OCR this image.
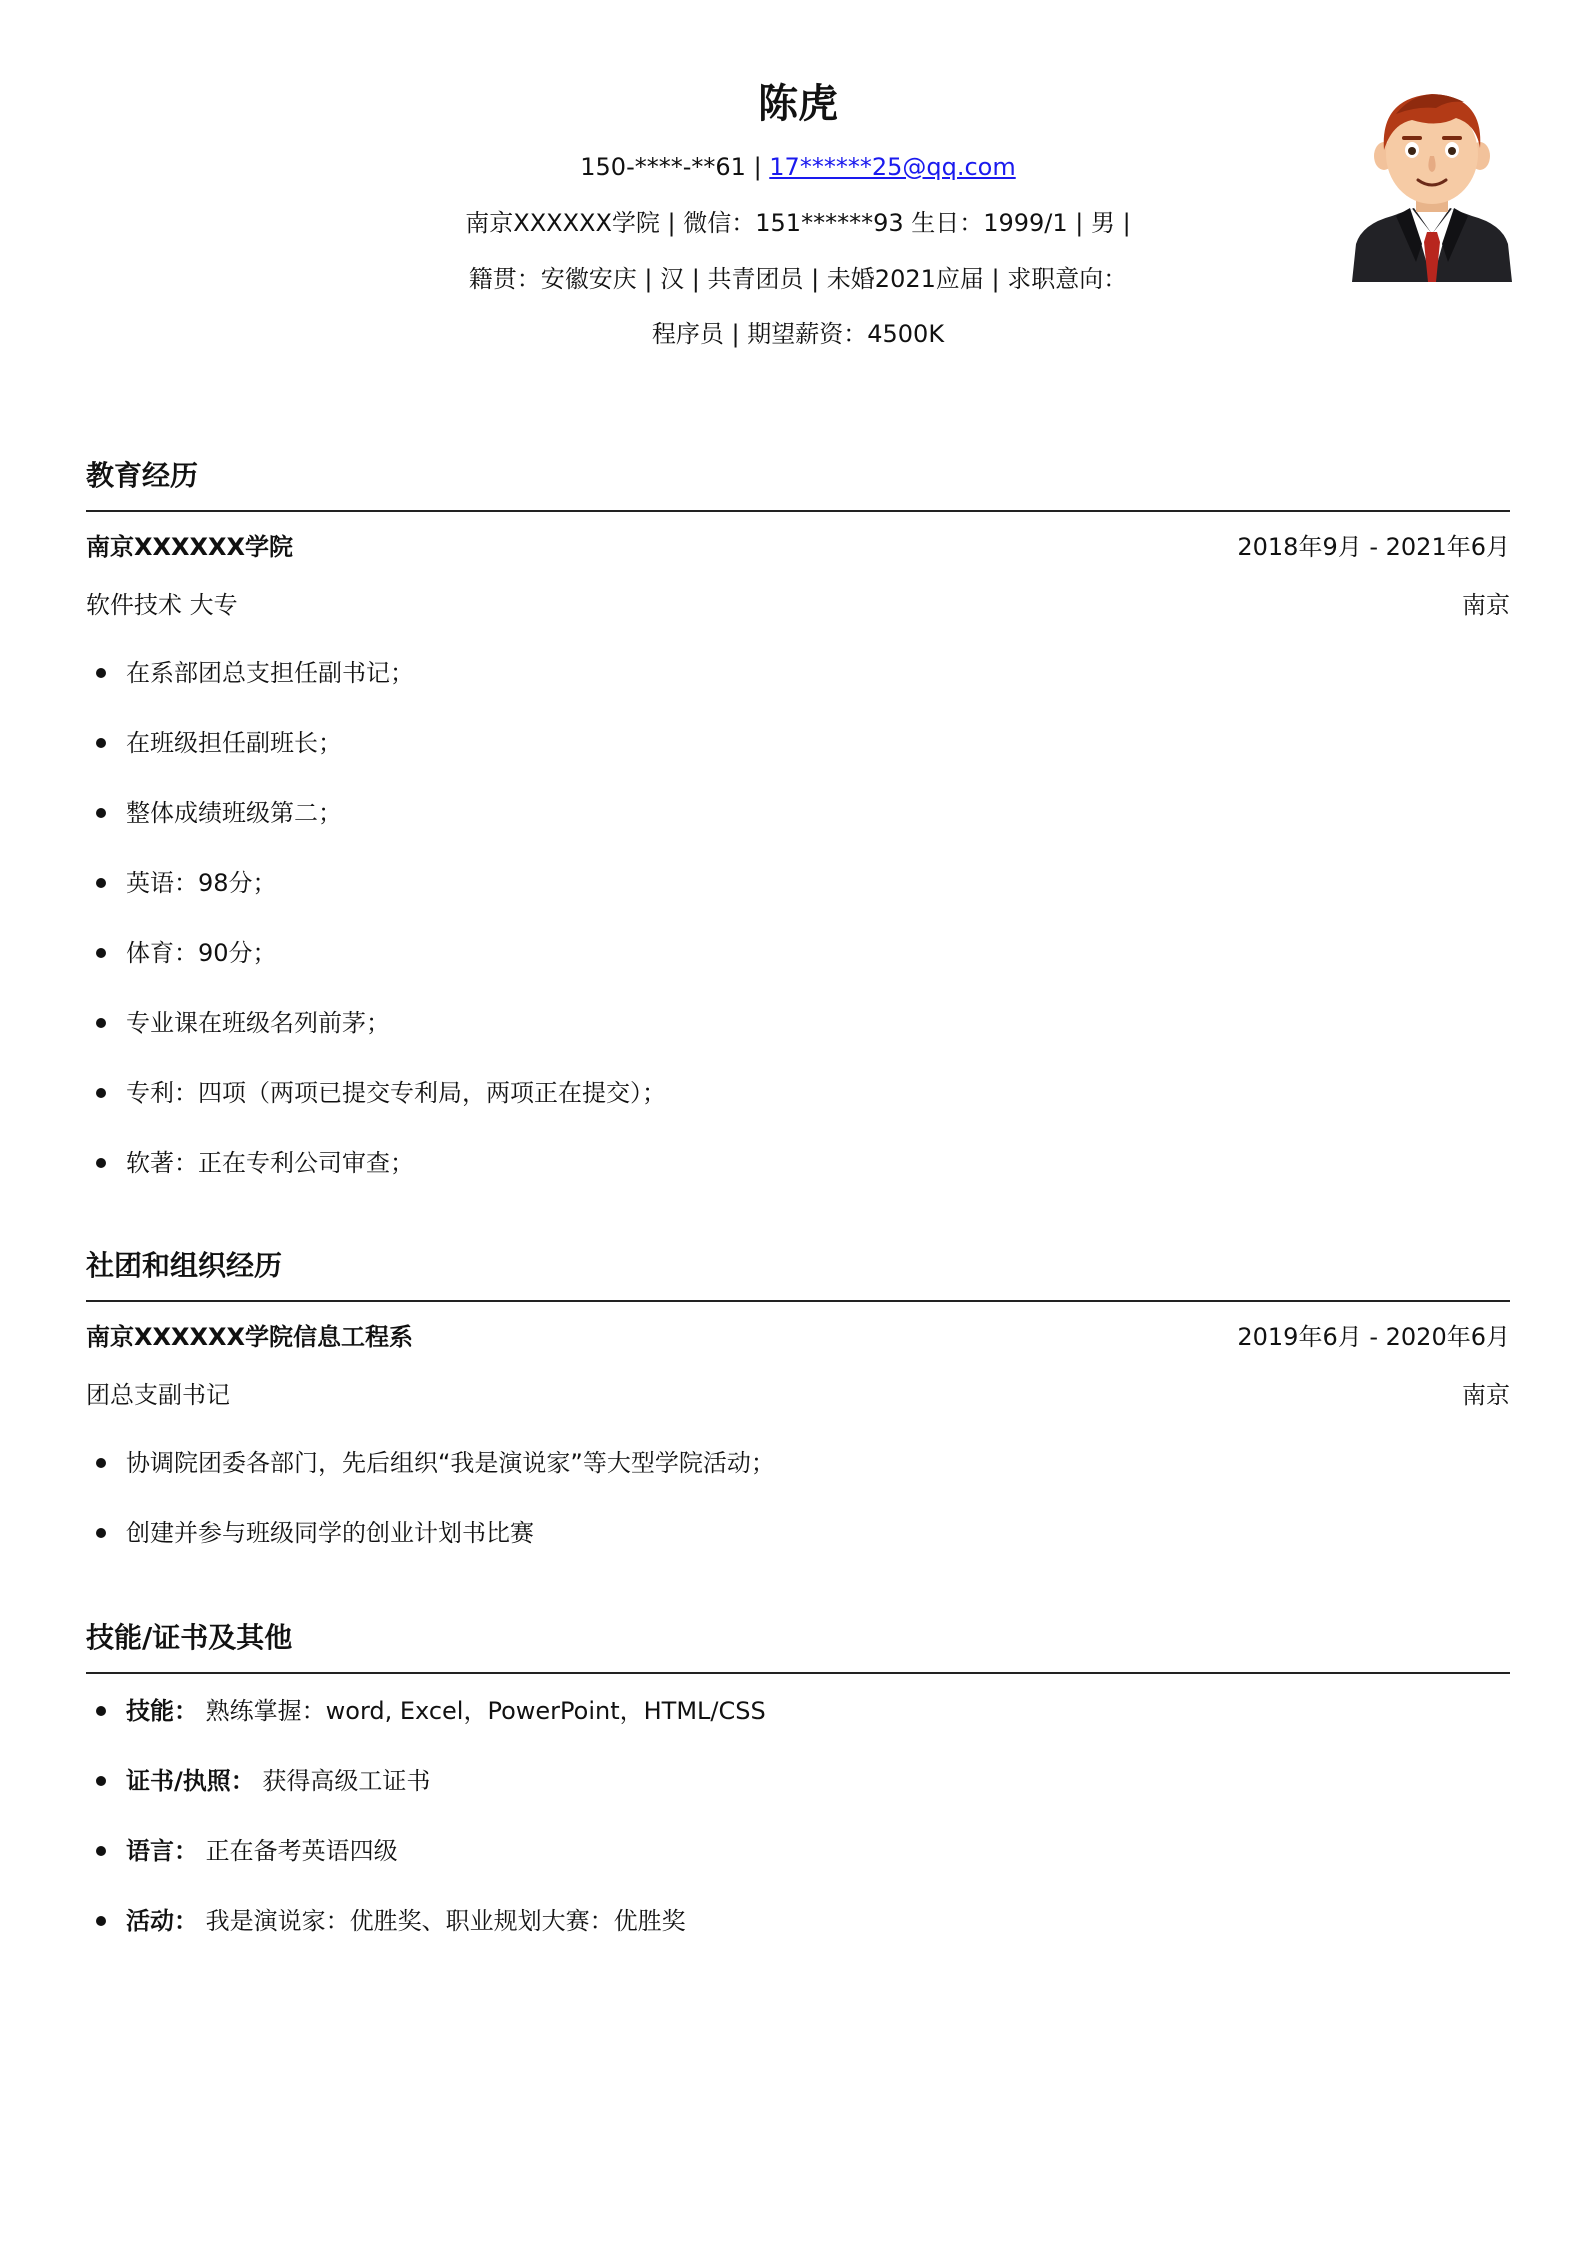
陈虎
150-****-**61 | 17******25@qq.com
南京XXXXXX学院 | 微信：151******93 生日：1999/1 | 男 |
籍贯：安徽安庆 | 汉 | 共青团员 | 未婚2021应届 | 求职意向：
程序员 | 期望薪资：4500K
教育经历
南京XXXXXX学院	2018年9月 - 2021年6月
软件技术 大专	南京
在系部团总支担任副书记；
在班级担任副班长；
整体成绩班级第二；
英语：98分；
体育：90分；
专业课在班级名列前茅；
专利：四项（两项已提交专利局，两项正在提交）；
软著：正在专利公司审查；
社团和组织经历
南京XXXXXX学院信息工程系	2019年6月 - 2020年6月
团总支副书记	南京
协调院团委各部门，先后组织“我是演说家”等大型学院活动；
创建并参与班级同学的创业计划书比赛
技能/证书及其他
技能： 熟练掌握：word, Excel，PowerPoint，HTML/CSS
证书/执照： 获得高级工证书
语言： 正在备考英语四级
活动： 我是演说家：优胜奖、职业规划大赛：优胜奖
